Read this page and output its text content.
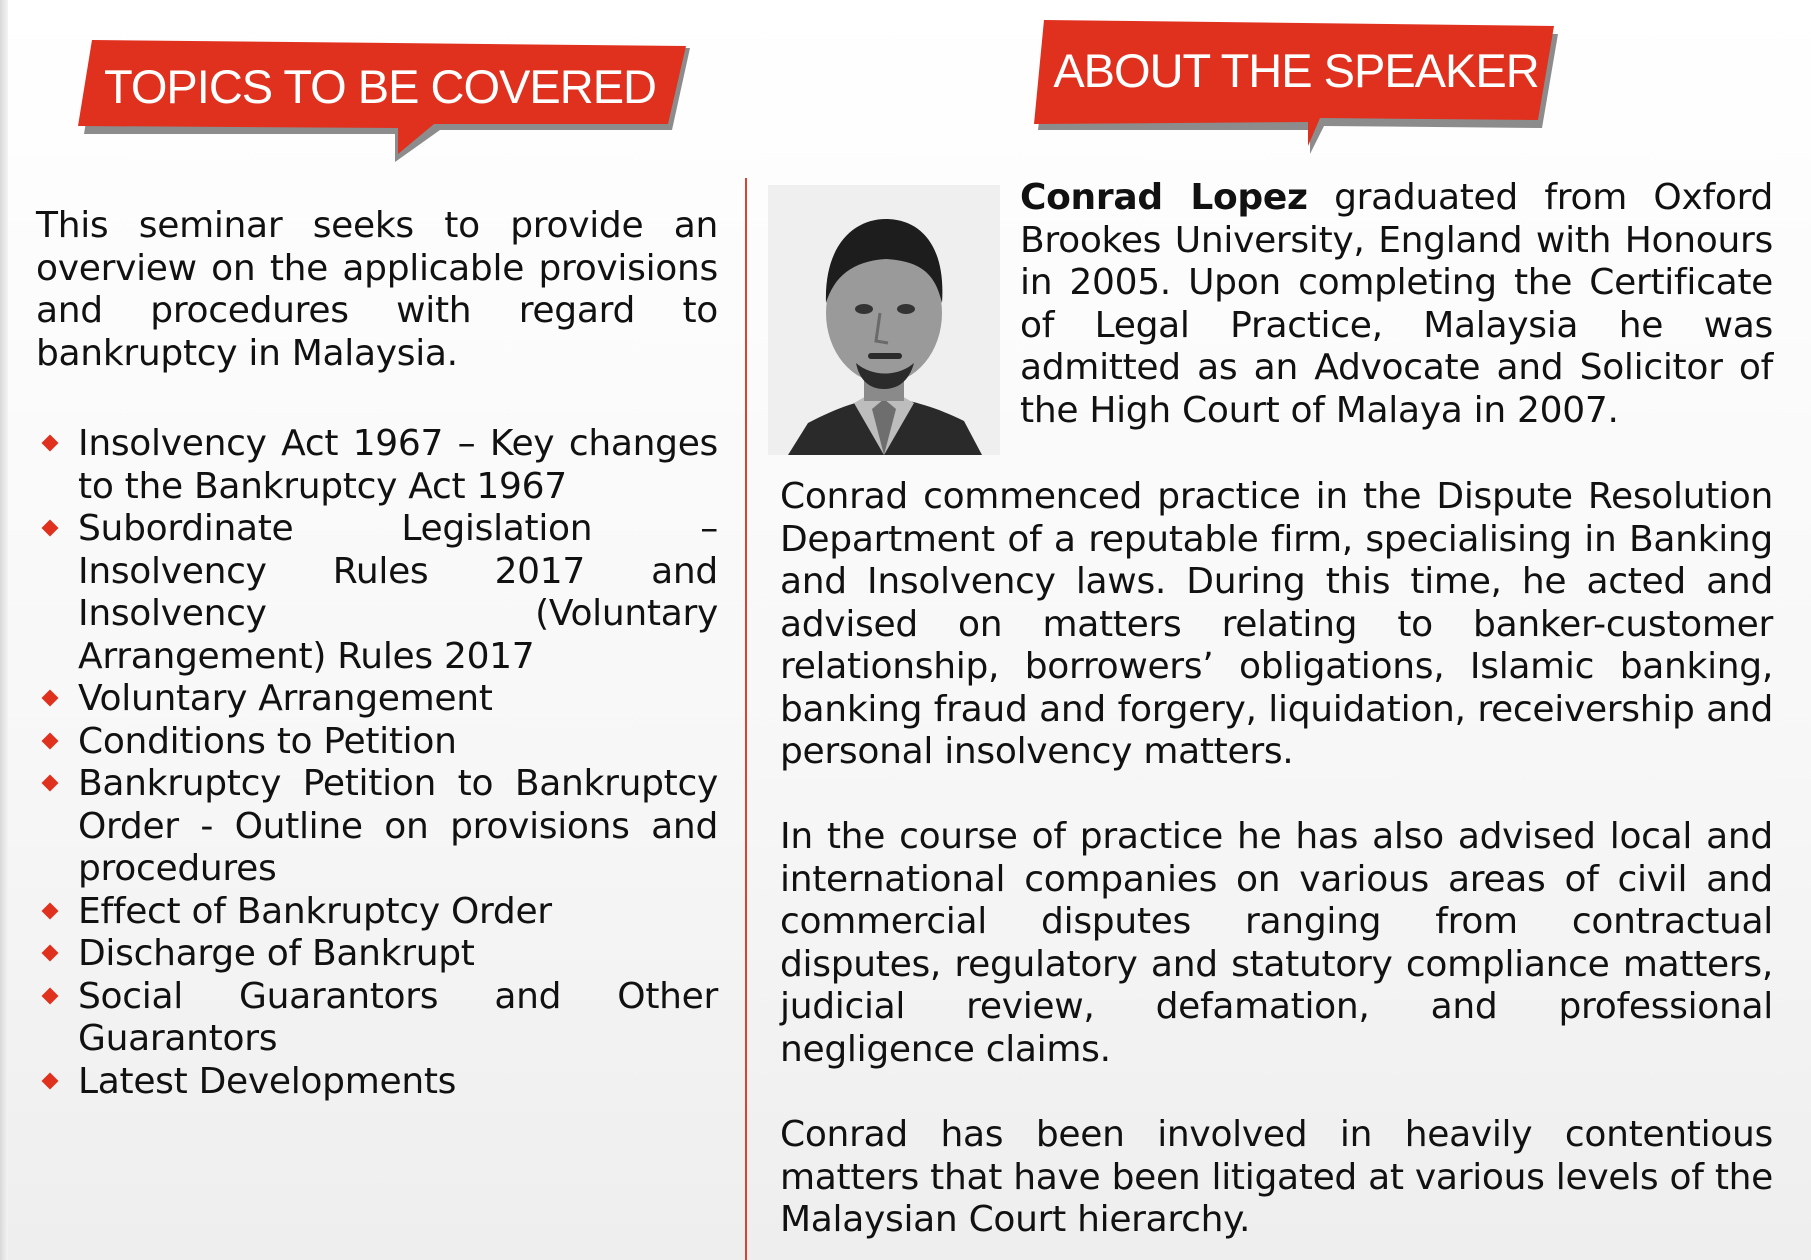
TOPICS TO BE COVERED	ABOUT THE SPEAKER

This seminar seeks to provide an overview on the applicable provisions and procedures with regard to bankruptcy in Malaysia.

Insolvency Act 1967 – Key changes to the Bankruptcy Act 1967
Subordinate Legislation – Insolvency Rules 2017 and Insolvency (Voluntary Arrangement) Rules 2017
Voluntary Arrangement
Conditions to Petition
Bankruptcy Petition to Bankruptcy Order - Outline on provisions and procedures
Effect of Bankruptcy Order
Discharge of Bankrupt
Social Guarantors and Other Guarantors
Latest Developments

Conrad Lopez graduated from Oxford Brookes University, England with Honours in 2005. Upon completing the Certificate of Legal Practice, Malaysia he was admitted as an Advocate and Solicitor of the High Court of Malaya in 2007.

Conrad commenced practice in the Dispute Resolution Department of a reputable firm, specialising in Banking and Insolvency laws. During this time, he acted and advised on matters relating to banker-customer relationship, borrowers’ obligations, Islamic banking, banking fraud and forgery, liquidation, receivership and personal insolvency matters.

In the course of practice he has also advised local and international companies on various areas of civil and commercial disputes ranging from contractual disputes, regulatory and statutory compliance matters, judicial review, defamation, and professional negligence claims.

Conrad has been involved in heavily contentious matters that have been litigated at various levels of the Malaysian Court hierarchy.
